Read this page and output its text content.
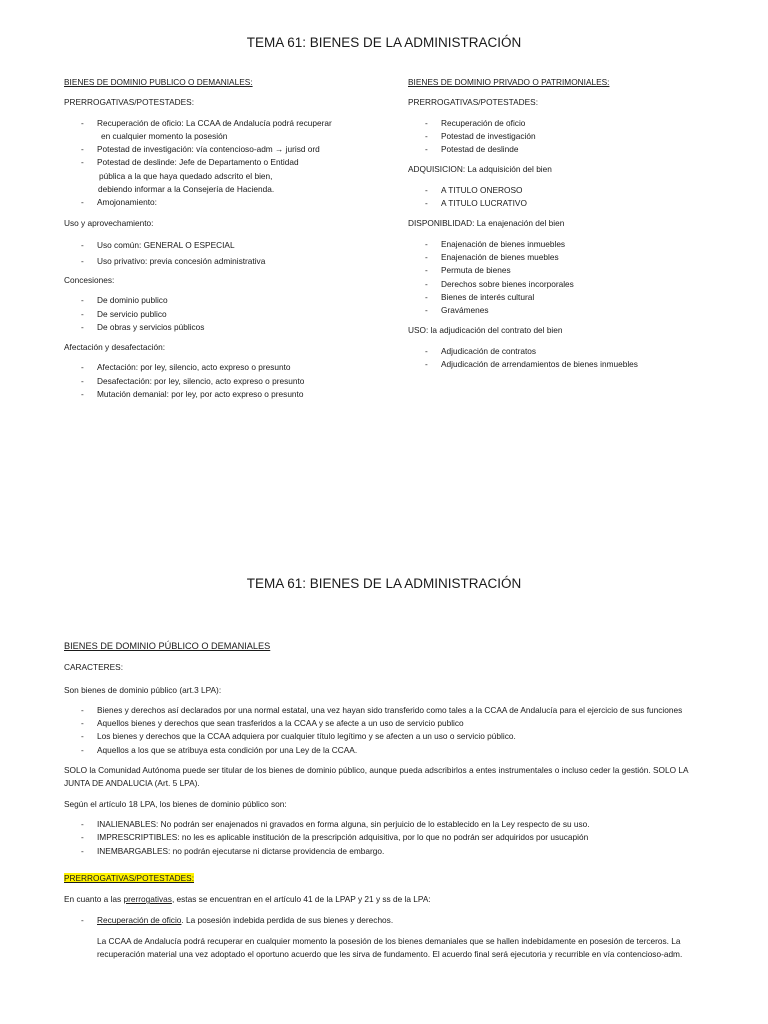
TEMA 61: BIENES DE LA ADMINISTRACIÓN

BIENES DE DOMINIO PUBLICO O DEMANIALES:

PRERROGATIVAS/POTESTADES:

- Recuperación de oficio: La CCAA de Andalucía podrá recuperar

en cualquier momento la posesión
- Potestad de investigación: vía contencioso-adm → jurisd ord
- Potestad de deslinde: Jefe de Departamento o Entidad

pública a la que haya quedado adscrito el bien,

debiendo informar a la Consejería de Hacienda.
- Amojonamiento:

Uso y aprovechamiento:

- Uso común: GENERAL O ESPECIAL
- Uso privativo: previa concesión administrativa

Concesiones:

- De dominio publico
- De servicio publico
- De obras y servicios públicos

Afectación y desafectación:

- Afectación: por ley, silencio, acto expreso o presunto
- Desafectación: por ley, silencio, acto expreso o presunto
- Mutación demanial: por ley, por acto expreso o presunto

BIENES DE DOMINIO PRIVADO O PATRIMONIALES:

PRERROGATIVAS/POTESTADES:

- Recuperación de oficio
- Potestad de investigación
- Potestad de deslinde

ADQUISICION: La adquisición del bien

- A TITULO ONEROSO
- A TITULO LUCRATIVO

DISPONIBLIDAD: La enajenación del bien

- Enajenación de bienes inmuebles
- Enajenación de bienes muebles
- Permuta de bienes
- Derechos sobre bienes incorporales
- Bienes de interés cultural
- Gravámenes

USO: la adjudicación del contrato del bien

- Adjudicación de contratos
- Adjudicación de arrendamientos de bienes inmuebles
TEMA 61: BIENES DE LA ADMINISTRACIÓN

BIENES DE DOMINIO PÚBLICO O DEMANIALES

CARACTERES:

Son bienes de dominio público (art.3 LPA):

- Bienes y derechos así declarados por una normal estatal, una vez hayan sido transferido como tales a la CCAA de Andalucía para el ejercicio de sus funciones
- Aquellos bienes y derechos que sean trasferidos a la CCAA y se afecte a un uso de servicio publico
- Los bienes y derechos que la CCAA adquiera por cualquier título legítimo y se afecten a un uso o servicio público.
- Aquellos a los que se atribuya esta condición por una Ley de la CCAA.

SOLO la Comunidad Autónoma puede ser titular de los bienes de dominio público, aunque pueda adscribirlos a entes instrumentales o incluso ceder la gestión. SOLO LA JUNTA DE ANDALUCIA (Art. 5 LPA).

Según el artículo 18 LPA, los bienes de dominio público son:

- INALIENABLES: No podrán ser enajenados ni gravados en forma alguna, sin perjuicio de lo establecido en la Ley respecto de su uso.
- IMPRESCRIPTIBLES: no les es aplicable institución de la prescripción adquisitiva, por lo que no podrán ser adquiridos por usucapión
- INEMBARGABLES: no podrán ejecutarse ni dictarse providencia de embargo.

PRERROGATIVAS/POTESTADES:

En cuanto a las prerrogativas, estas se encuentran en el artículo 41 de la LPAP y 21 y ss de la LPA:

- Recuperación de oficio. La posesión indebida perdida de sus bienes y derechos.

La CCAA de Andalucía podrá recuperar en cualquier momento la posesión de los bienes demaniales que se hallen indebidamente en posesión de terceros. La recuperación material una vez adoptado el oportuno acuerdo que les sirva de fundamento. El acuerdo final será ejecutoria y recurrible en vía contencioso-adm.
